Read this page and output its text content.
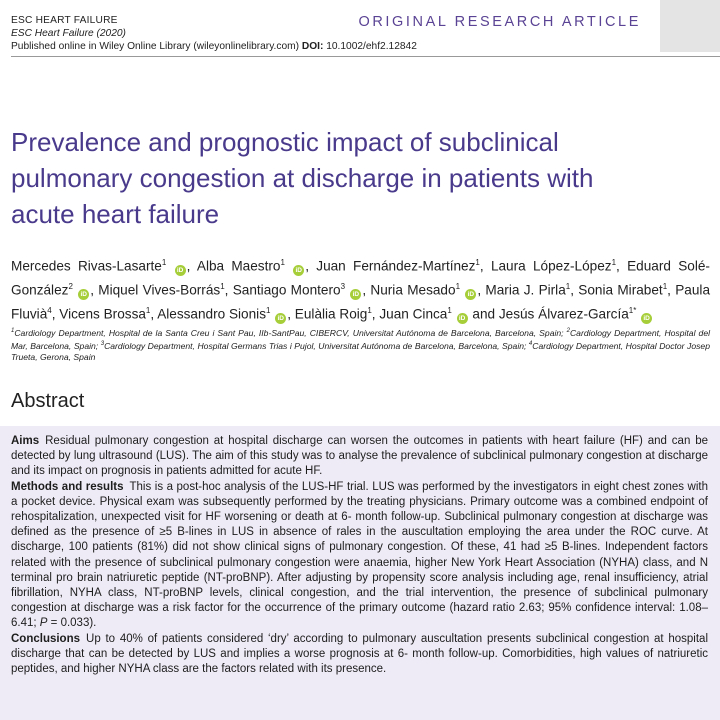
ESC HEART FAILURE
ESC Heart Failure (2020)
Published online in Wiley Online Library (wileyonlinelibrary.com) DOI: 10.1002/ehf2.12842
ORIGINAL RESEARCH ARTICLE
Prevalence and prognostic impact of subclinical pulmonary congestion at discharge in patients with acute heart failure
Mercedes Rivas-Lasarte$^1$ iD , Alba Maestro$^1$ iD , Juan Fernández-Martínez$^1$, Laura López-López$^1$, Eduard Solé-González$^2$ iD , Miquel Vives-Borrás$^1$, Santiago Montero$^3$ iD , Nuria Mesado$^1$ iD , Maria J. Pirla$^1$, Sonia Mirabet$^1$, Paula Fluvià$^4$, Vicens Brossa$^1$, Alessandro Sionis$^1$ iD , Eulàlia Roig$^1$, Juan Cinca$^1$ iD and Jesús Álvarez-García$^{1*}$ iD
$^1$Cardiology Department, Hospital de la Santa Creu i Sant Pau, IIb-SantPau, CIBERCV, Universitat Autónoma de Barcelona, Barcelona, Spain; $^2$Cardiology Department, Hospital del Mar, Barcelona, Spain; $^3$Cardiology Department, Hospital Germans Trias i Pujol, Universitat Autónoma de Barcelona, Barcelona, Spain; $^4$Cardiology Department, Hospital Doctor Josep Trueta, Gerona, Spain
Abstract

Aims Residual pulmonary congestion at hospital discharge can worsen the outcomes in patients with heart failure (HF) and can be detected by lung ultrasound (LUS). The aim of this study was to analyse the prevalence of subclinical pulmonary congestion at discharge and its impact on prognosis in patients admitted for acute HF.

Methods and results This is a post-hoc analysis of the LUS-HF trial. LUS was performed by the investigators in eight chest zones with a pocket device. Physical exam was subsequently performed by the treating physicians. Primary outcome was a combined endpoint of rehospitalization, unexpected visit for HF worsening or death at 6- month follow-up. Subclinical pulmonary congestion at discharge was defined as the presence of ≥5 B-lines in LUS in absence of rales in the auscultation employing the area under the ROC curve. At discharge, 100 patients (81%) did not show clinical signs of pulmonary congestion. Of these, 41 had ≥5 B-lines. Independent factors related with the presence of subclinical pulmonary congestion were anaemia, higher New York Heart Association (NYHA) class, and N terminal pro brain natriuretic peptide (NT-proBNP). After adjusting by propensity score analysis including age, renal insufficiency, atrial fibrillation, NYHA class, NT-proBNP levels, clinical congestion, and the trial intervention, the presence of subclinical pulmonary congestion at discharge was a risk factor for the occurrence of the primary outcome (hazard ratio 2.63; 95% confidence interval: 1.08–6.41; P = 0.033).

Conclusions Up to 40% of patients considered ‘dry’ according to pulmonary auscultation presents subclinical congestion at hospital discharge that can be detected by LUS and implies a worse prognosis at 6- month follow-up. Comorbidities, high values of natriuretic peptides, and higher NYHA class are the factors related with its presence.
